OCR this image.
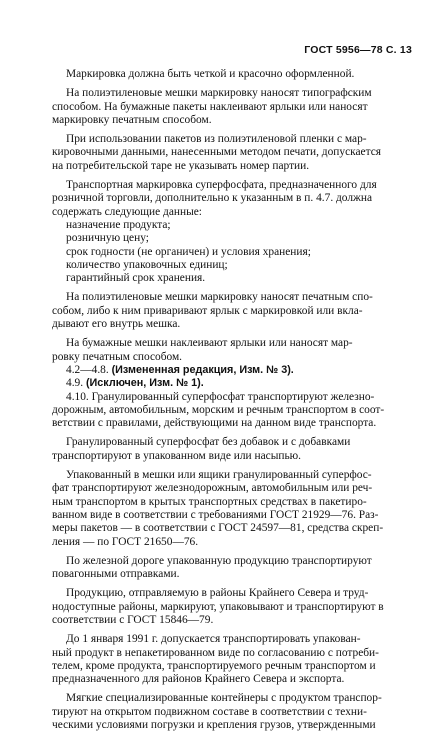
ГОСТ 5956—78 С. 13
Маркировка должна быть четкой и красочно оформленной.
На полиэтиленовые мешки маркировку наносят типографским
способом. На бумажные пакеты наклеивают ярлыки или наносят
маркировку печатным способом.
При использовании пакетов из полиэтиленовой пленки с мар-
кировочными данными, нанесенными методом печати, допускается
на потребительской таре не указывать номер партии.
Транспортная маркировка суперфосфата, предназначенного для
розничной торговли, дополнительно к указанным в п. 4.7. должна
содержать следующие данные:
назначение продукта;
розничную цену;
срок годности (не органичен) и условия хранения;
количество упаковочных единиц;
гарантийный срок хранения.
На полиэтиленовые мешки маркировку наносят печатным спо-
собом, либо к ним приваривают ярлык с маркировкой или вкла-
дывают его внутрь мешка.
На бумажные мешки наклеивают ярлыки или наносят мар-
ровку печатным способом.
4.2—4.8. (Измененная редакция, Изм. № 3).
4.9. (Исключен, Изм. № 1).
4.10. Гранулированный суперфосфат транспортируют железно-
дорожным, автомобильным, морским и речным транспортом в соот-
ветствии с правилами, действующими на данном виде транспорта.
Гранулированный суперфосфат без добавок и с добавками
транспортируют в упакованном виде или насыпью.
Упакованный в мешки или ящики гранулированный суперфос-
фат транспортируют железнодорожным, автомобильным или реч-
ным транспортом в крытых транспортных средствах в пакетиро-
ванном виде в соответствии с требованиями ГОСТ 21929—76. Раз-
меры пакетов — в соответствии с ГОСТ 24597—81, средства скреп-
ления — по ГОСТ 21650—76.
По железной дороге упакованную продукцию транспортируют
повагонными отправками.
Продукцию, отправляемую в районы Крайнего Севера и труд-
нодоступные районы, маркируют, упаковывают и транспортируют в
соответствии с ГОСТ 15846—79.
До 1 января 1991 г. допускается транспортировать упакован-
ный продукт в непакетированном виде по согласованию с потреби-
телем, кроме продукта, транспортируемого речным транспортом и
предназначенного для районов Крайнего Севера и экспорта.
Мягкие специализированные контейнеры с продуктом транспор-
тируют на открытом подвижном составе в соответствии с техни-
ческими условиями погрузки и крепления грузов, утвержденными
